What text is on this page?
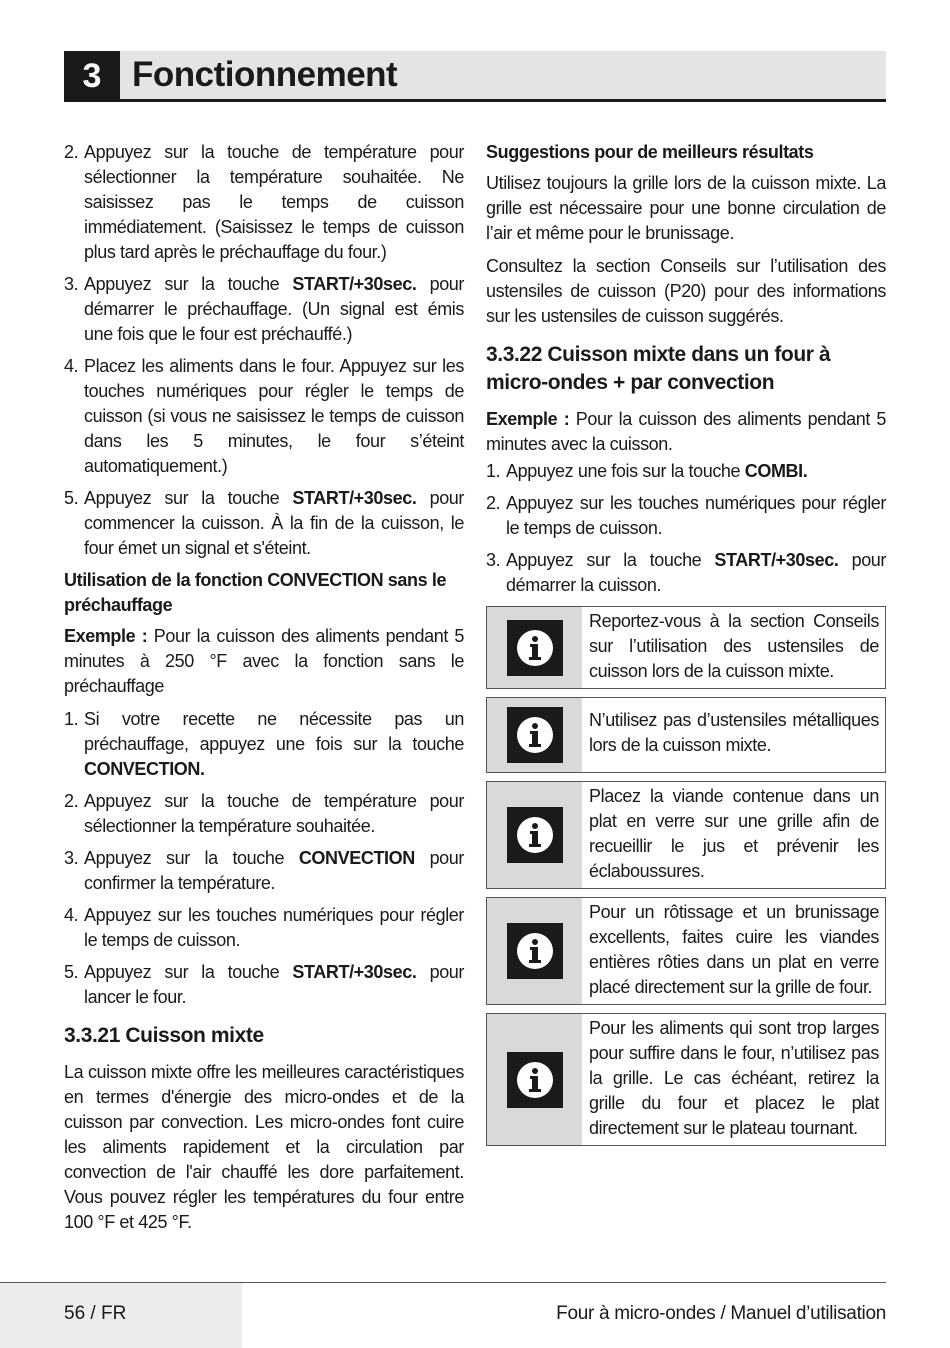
3 Fonctionnement
2. Appuyez sur la touche de température pour sélectionner la température souhaitée. Ne saisissez pas le temps de cuisson immédiatement. (Saisissez le temps de cuisson plus tard après le préchauffage du four.)
3. Appuyez sur la touche START/+30sec. pour démarrer le préchauffage. (Un signal est émis une fois que le four est préchauffé.)
4. Placez les aliments dans le four. Appuyez sur les touches numériques pour régler le temps de cuisson (si vous ne saisissez le temps de cuisson dans les 5 minutes, le four s’éteint automatiquement.)
5. Appuyez sur la touche START/+30sec. pour commencer la cuisson. À la fin de la cuisson, le four émet un signal et s'éteint.
Utilisation de la fonction CONVECTION sans le préchauffage

Exemple : Pour la cuisson des aliments pendant 5 minutes à 250 °F avec la fonction sans le préchauffage

1. Si votre recette ne nécessite pas un préchauffage, appuyez une fois sur la touche CONVECTION.
2. Appuyez sur la touche de température pour sélectionner la température souhaitée.
3. Appuyez sur la touche CONVECTION pour confirmer la température.
4. Appuyez sur les touches numériques pour régler le temps de cuisson.
5. Appuyez sur la touche START/+30sec. pour lancer le four.
3.3.21 Cuisson mixte

La cuisson mixte offre les meilleures caractéristiques en termes d'énergie des micro-ondes et de la cuisson par convection. Les micro-ondes font cuire les aliments rapidement et la circulation par convection de l'air chauffé les dore parfaitement. Vous pouvez régler les températures du four entre 100 °F et 425 °F.

Suggestions pour de meilleurs résultats

Utilisez toujours la grille lors de la cuisson mixte. La grille est nécessaire pour une bonne circulation de l’air et même pour le brunissage.

Consultez la section Conseils sur l’utilisation des ustensiles de cuisson (P20) pour des informations sur les ustensiles de cuisson suggérés.

3.3.22 Cuisson mixte dans un four à micro-ondes + par convection

Exemple : Pour la cuisson des aliments pendant 5 minutes avec la cuisson.

1. Appuyez une fois sur la touche COMBI.
2. Appuyez sur les touches numériques pour régler le temps de cuisson.
3. Appuyez sur la touche START/+30sec. pour démarrer la cuisson.
Reportez-vous à la section Conseils sur l’utilisation des ustensiles de cuisson lors de la cuisson mixte.
N’utilisez pas d’ustensiles métalliques lors de la cuisson mixte.
Placez la viande contenue dans un plat en verre sur une grille afin de recueillir le jus et prévenir les éclaboussures.
Pour un rôtissage et un brunissage excellents, faites cuire les viandes entières rôties dans un plat en verre placé directement sur la grille de four.
Pour les aliments qui sont trop larges pour suffire dans le four, n’utilisez pas la grille. Le cas échéant, retirez la grille du four et placez le plat directement sur le plateau tournant.
56 / FR	Four à micro-ondes / Manuel d’utilisation
